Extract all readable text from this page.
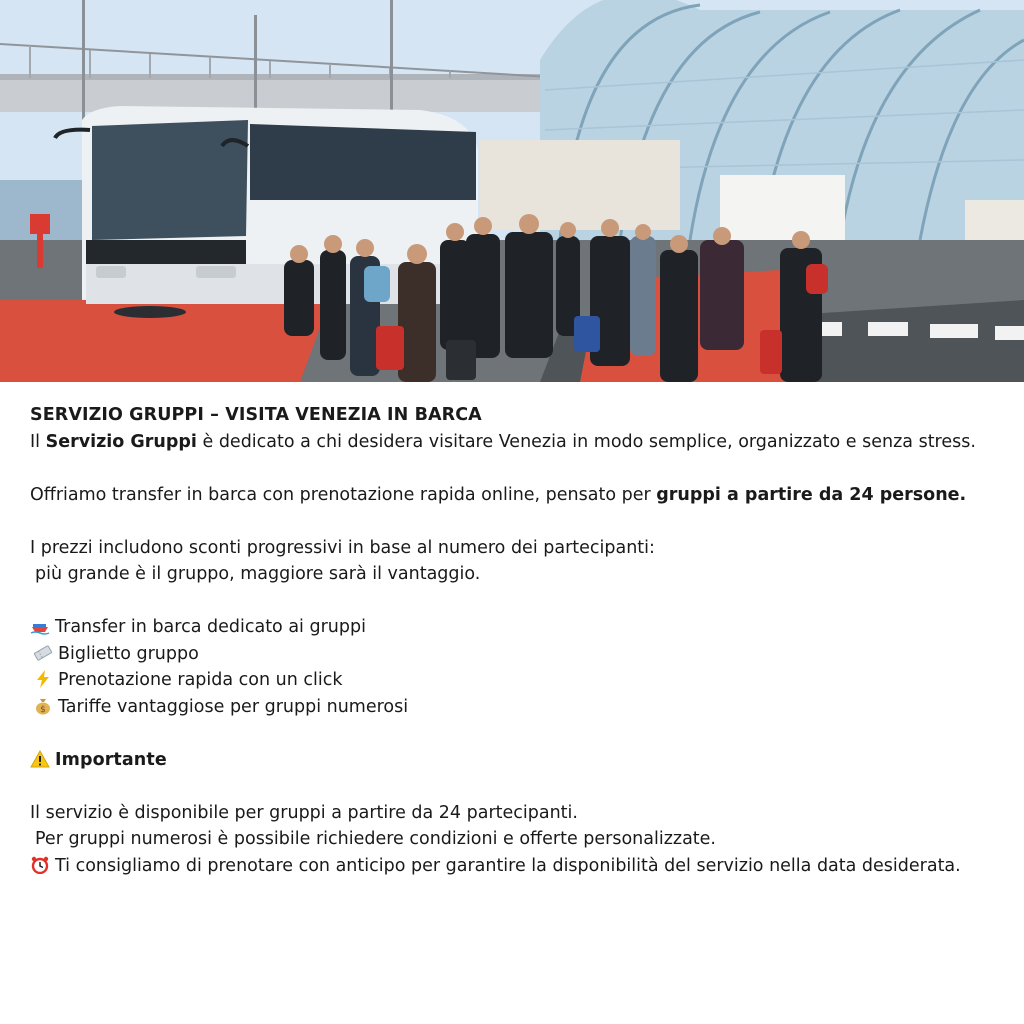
SERVIZIO GRUPPI – VISITA VENEZIA IN BARCA

Il Servizio Gruppi è dedicato a chi desidera visitare Venezia in modo semplice, organizzato e senza stress.

Offriamo transfer in barca con prenotazione rapida online, pensato per gruppi a partire da 24 persone.

I prezzi includono sconti progressivi in base al numero dei partecipanti:

più grande è il gruppo, maggiore sarà il vantaggio.

Transfer in barca dedicato ai gruppi
Biglietto gruppo
Prenotazione rapida con un click
$ Tariffe vantaggiose per gruppi numerosi
Importante

Il servizio è disponibile per gruppi a partire da 24 partecipanti.

Per gruppi numerosi è possibile richiedere condizioni e offerte personalizzate.

Ti consigliamo di prenotare con anticipo per garantire la disponibilità del servizio nella data desiderata.
